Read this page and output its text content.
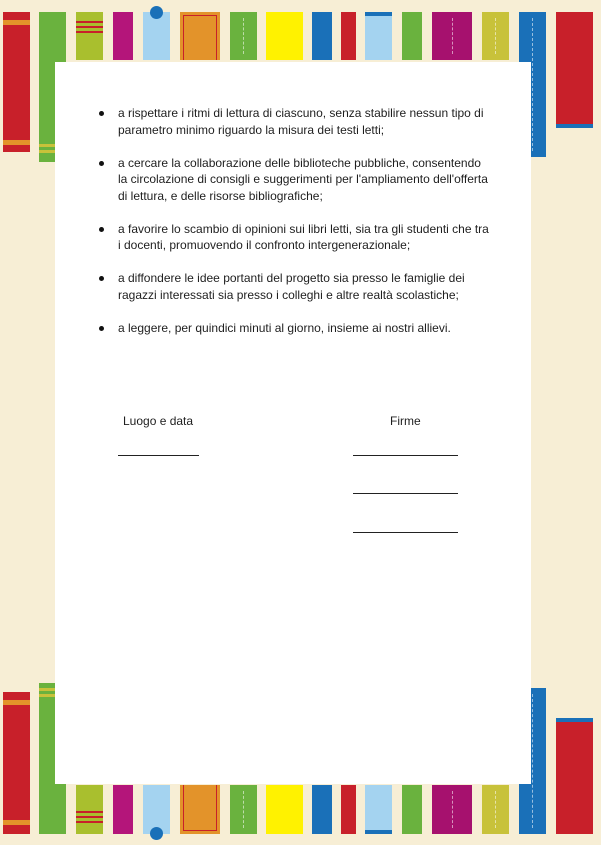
a rispettare i ritmi di lettura di ciascuno, senza stabilire nessun tipo di parametro minimo riguardo la misura dei testi letti;
a cercare la collaborazione delle biblioteche pubbliche, consentendo la circolazione di consigli e suggerimenti per l'ampliamento dell'offerta di lettura, e delle risorse bibliografiche;
a favorire lo scambio di opinioni sui libri letti, sia tra gli studenti che tra i docenti, promuovendo il confronto intergenerazionale;
a diffondere le idee portanti del progetto sia presso le famiglie dei ragazzi interessati sia presso i colleghi e altre realtà scolastiche;
a leggere, per quindici minuti al giorno, insieme ai nostri allievi.
Luogo e data	Firme
